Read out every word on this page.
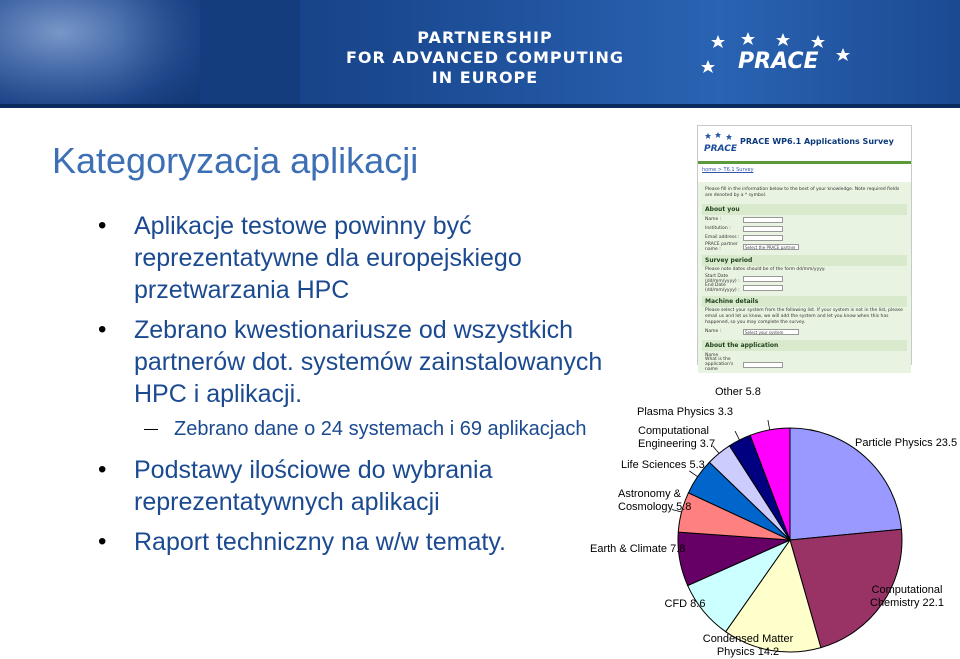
PARTNERSHIP
FOR ADVANCED COMPUTING
IN EUROPE
PRACE
Kategoryzacja aplikacji
• Aplikacje testowe powinny być reprezentatywne dla europejskiego przetwarzania HPC
• Zebrano kwestionariusze od wszystkich partnerów dot. systemów zainstalowanych HPC i aplikacji.
Zebrano dane o 24 systemach i 69 aplikacjach
• Podstawy ilościowe do wybrania reprezentatywnych aplikacji
• Raport techniczny na w/w tematy.
PRACE
PRACE WP6.1 Applications Survey
home > T6.1 Survey
Please fill in the information below to the best of your knowledge. Note required fields are denoted by a * symbol.
About you
Name :
Institution :
Email address :
PRACE partner name :	Select the PRACE partner
Survey period
Please note dates should be of the form dd/mm/yyyy.
Start Date (dd/mm/yyyy) :
End Date (dd/mm/yyyy) :
Machine details
Please select your system from the following list. If your system is not in the list, please email us and let us know, we will add the system and let you know when this has happened, so you may complete the survey.
Name :	Select your system
About the application
Name
What is the application's name
Particle Physics 23.5
Computational Chemistry 22.1
Condensed Matter Physics 14.2
CFD 8.6
Earth & Climate 7.8
Astronomy & Cosmology 5.8
Life Sciences 5.3
Computational Engineering 3.7
Plasma Physics 3.3
Other 5.8
